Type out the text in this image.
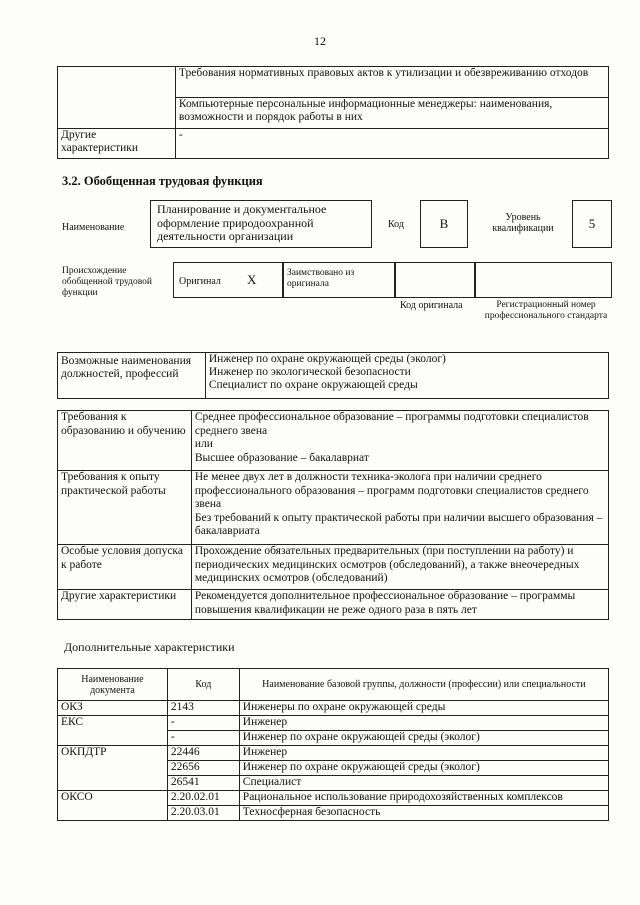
12
	Требования нормативных правовых актов к утилизации и обезвреживанию отходов
	Компьютерные персональные информационные менеджеры: наименования, возможности и порядок работы в них
Другие характеристики	-
3.2. Обобщенная трудовая функция
Наименование
Планирование и документальное оформление природоохранной деятельности организации
Код	B	Уровень квалификации	5
Происхождение обобщенной трудовой функции
Оригинал X	Заимствовано из оригинала
Код оригинала	Регистрационный номер профессионального стандарта
Возможные наименования должностей, профессий	
Инженер по охране окружающей среды (эколог)
Инженер по экологической безопасности
Специалист по охране окружающей среды
Требования к образованию и обучению	Среднее профессиональное образование – программы подготовки специалистов среднего звена
или
Высшее образование – бакалавриат

Требования к опыту практической работы	Не менее двух лет в должности техника-эколога при наличии среднего профессионального образования – программ подготовки специалистов среднего звена
Без требований к опыту практической работы при наличии высшего образования – бакалавриата

Особые условия допуска к работе	Прохождение обязательных предварительных (при поступлении на работу) и периодических медицинских осмотров (обследований), а также внеочередных медицинских осмотров (обследований)

Другие характеристики	Рекомендуется дополнительное профессиональное образование – программы повышения квалификации не реже одного раза в пять лет
Дополнительные характеристики
Наименование документа	Код	Наименование базовой группы, должности (профессии) или специальности
ОКЗ	2143	Инженеры по охране окружающей среды
ЕКС	-	Инженер
	-	Инженер по охране окружающей среды (эколог)
ОКПДТР	22446	Инженер
	22656	Инженер по охране окружающей среды (эколог)
	26541	Специалист
ОКСО	2.20.02.01	Рациональное использование природохозяйственных комплексов
	2.20.03.01	Техносферная безопасность
